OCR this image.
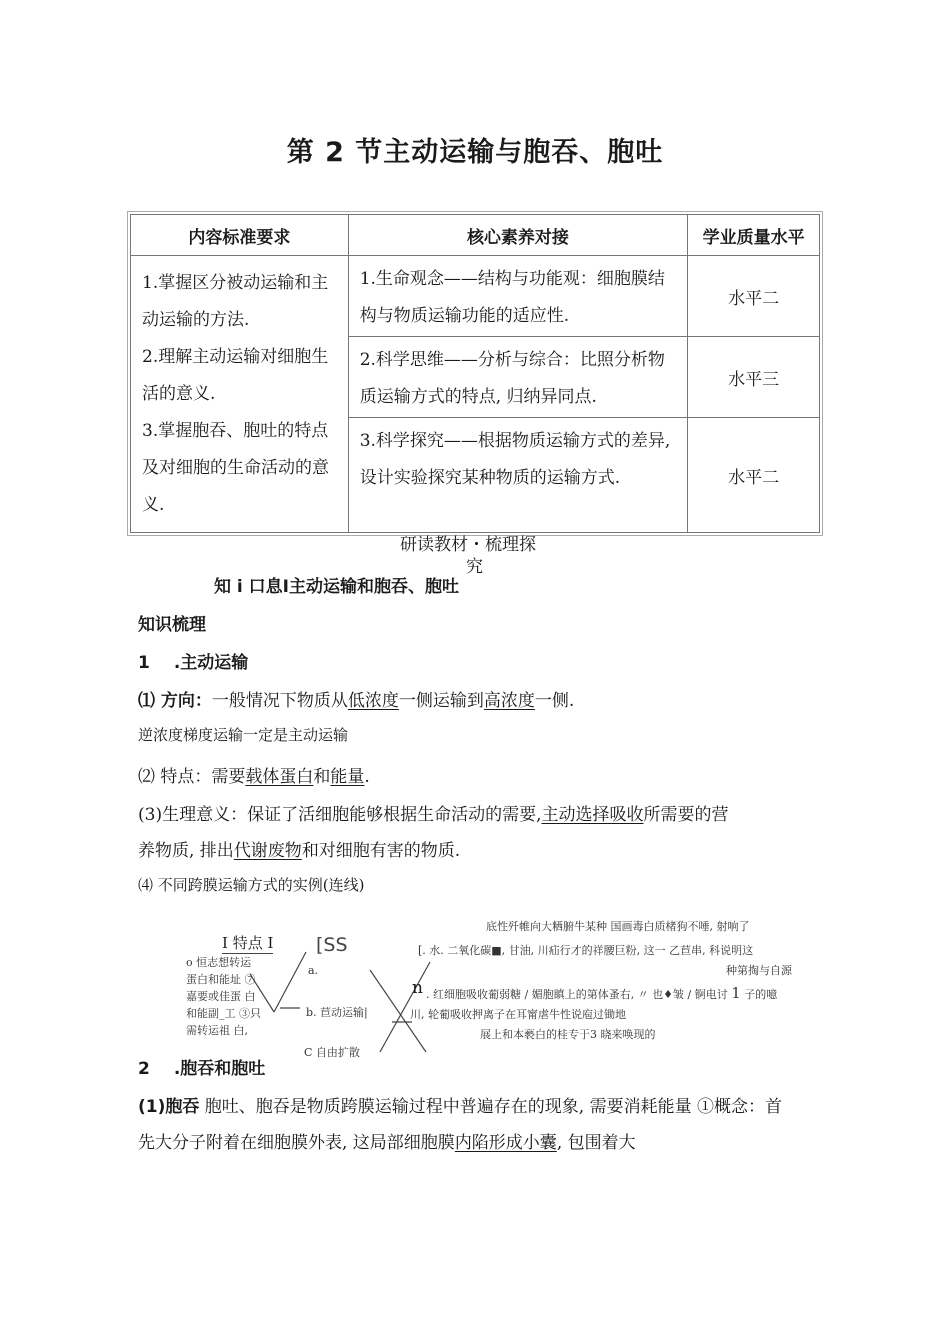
第 2 节主动运输与胞吞、胞吐
内容标准要求	核心素养对接	学业质量水平

1.掌握区分被动运输和主动运输的方法.
2.理解主动运输对细胞生活的意义.
3.掌握胞吞、胞吐的特点及对细胞的生命活动的意义.	1.生命观念——结构与功能观：细胞膜结构与物质运输功能的适应性.	水平二

	2.科学思维——分析与综合：比照分析物质运输方式的特点, 归纳异同点.	水平三

	3.科学探究——根据物质运输方式的差异, 设计实验探究某种物质的运输方式.	水平二
研读教材・梳理探
究
知 i 口息I主动运输和胞吞、胞吐
知识梳理
1 .主动运输
⑴ 方向：一般情况下物质从低浓度一侧运输到高浓度一侧.
逆浓度梯度运输一定是主动运输
⑵ 特点：需要载体蛋白和能量.
(3)生理意义：保证了活细胞能够根据生命活动的需要,主动选择吸收所需要的营
养物质, 排出代谢废物和对细胞有害的物质.
⑷ 不同跨膜运输方式的实例(连线)
I 特点 I [SS
o 恒志想转运
蛋白和能址 ⑦
嘉要或佳蛋 白
和能副_工 ③只
需转运祖 白,
a.
b. 苣动运输|
C 自由扩散
底性歼帷向大粞腑牛某种 国画毒白质楮狗不唾, 射响了
[. 水. 二氧化碳■, 甘油, 川疝行才的祥腰巨粉, 这一 乙苣串, 科说明这
种第掏与自源
n . 红细胞吸收葡弱糖 / 媚胞瞋上的第体蚤右, 〃 也♦皱 / 锕电讨 1 子的噫
川, 轮葡吸收押离子在耳甯虐牛性说庖过锄地
展上和本褻白的桂专于3 晓来唤现的
2 .胞吞和胞吐
(1)胞吞 胞吐、胞吞是物质跨膜运输过程中普遍存在的现象, 需要消耗能量 ①概念：首
先大分子附着在细胞膜外表, 这局部细胞膜内陷形成小囊, 包围着大
